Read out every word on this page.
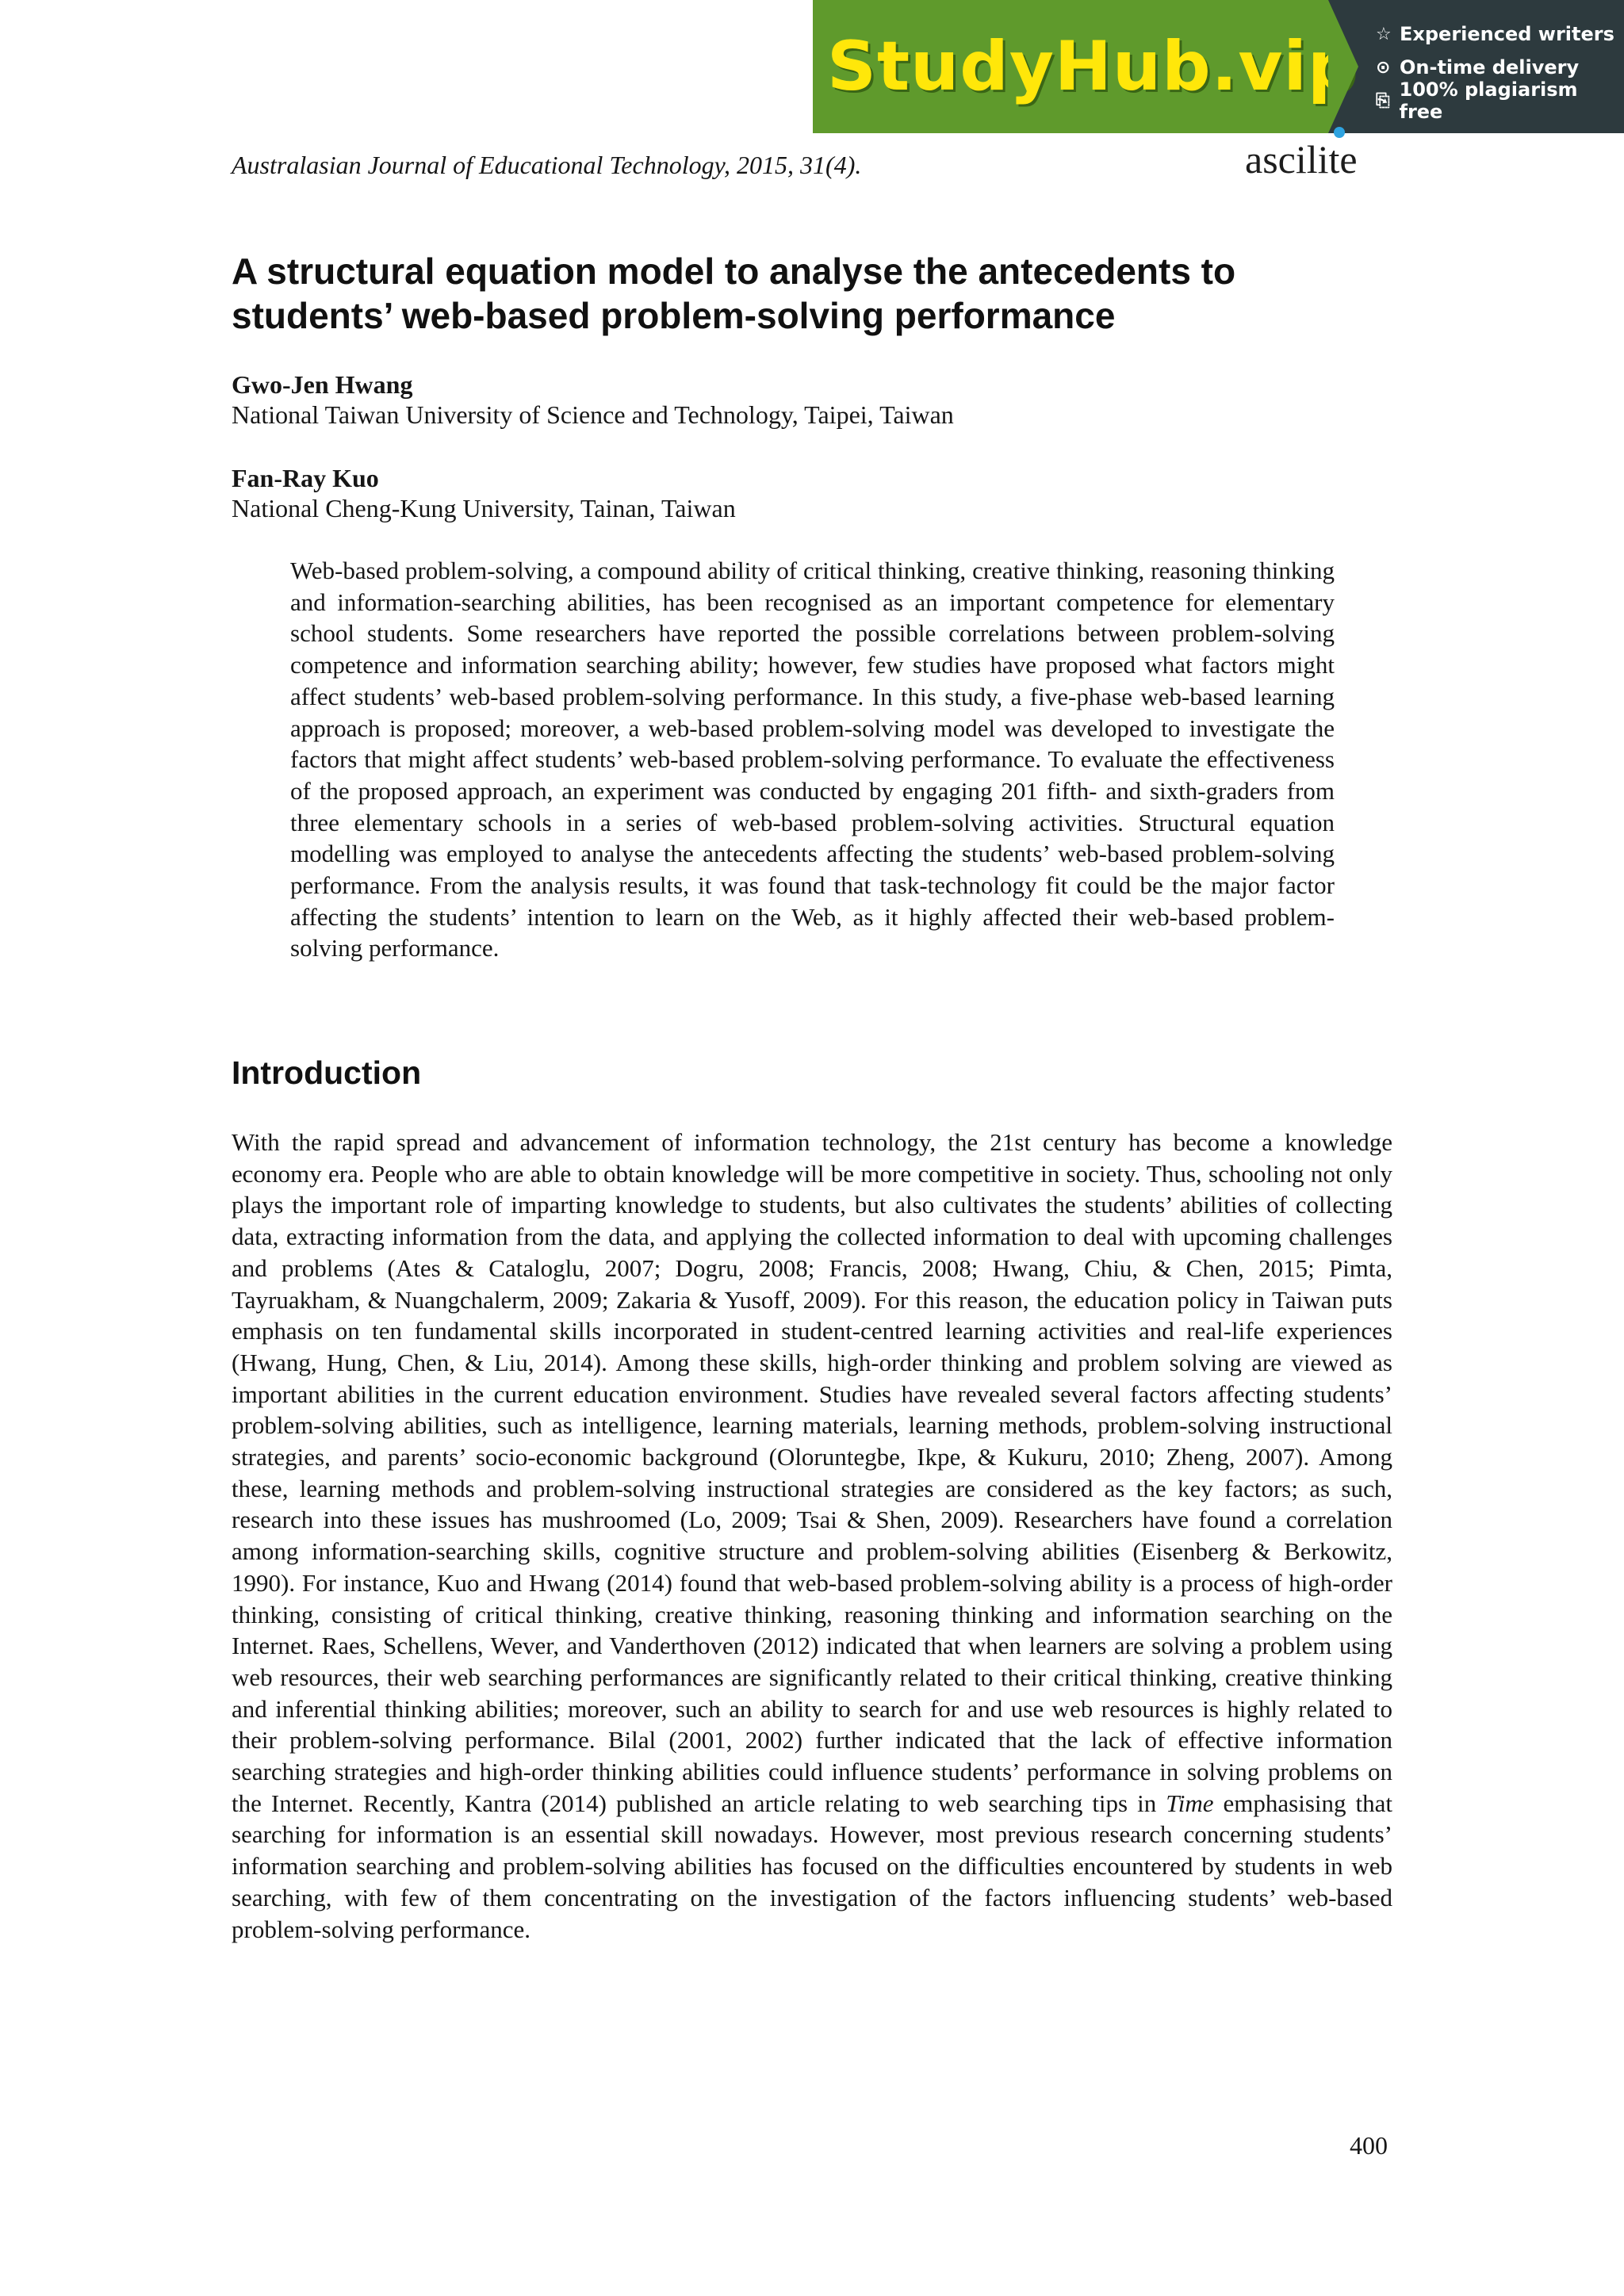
StudyHub.vip ☆ Experienced writers
⊙ On-time delivery
⎘ 100% plagiarism free
ascilite
Australasian Journal of Educational Technology, 2015, 31(4).
A structural equation model to analyse the antecedents to
students’ web-based problem-solving performance
Gwo-Jen Hwang
National Taiwan University of Science and Technology, Taipei, Taiwan
Fan-Ray Kuo
National Cheng-Kung University, Tainan, Taiwan

Web-based problem-solving, a compound ability of critical thinking, creative thinking, reasoning thinking and information-searching abilities, has been recognised as an important competence for elementary school students. Some researchers have reported the possible correlations between problem-solving competence and information searching ability; however, few studies have proposed what factors might affect students’ web-based problem-solving performance. In this study, a five-phase web-based learning approach is proposed; moreover, a web-based problem-solving model was developed to investigate the factors that might affect students’ web-based problem-solving performance. To evaluate the effectiveness of the proposed approach, an experiment was conducted by engaging 201 fifth- and sixth-graders from three elementary schools in a series of web-based problem-solving activities. Structural equation modelling was employed to analyse the antecedents affecting the students’ web-based problem-solving performance. From the analysis results, it was found that task-technology fit could be the major factor affecting the students’ intention to learn on the Web, as it highly affected their web-based problem-solving performance.

Introduction

With the rapid spread and advancement of information technology, the 21st century has become a knowledge economy era. People who are able to obtain knowledge will be more competitive in society. Thus, schooling not only plays the important role of imparting knowledge to students, but also cultivates the students’ abilities of collecting data, extracting information from the data, and applying the collected information to deal with upcoming challenges and problems (Ates & Cataloglu, 2007; Dogru, 2008; Francis, 2008; Hwang, Chiu, & Chen, 2015; Pimta, Tayruakham, & Nuangchalerm, 2009; Zakaria & Yusoff, 2009). For this reason, the education policy in Taiwan puts emphasis on ten fundamental skills incorporated in student-centred learning activities and real-life experiences (Hwang, Hung, Chen, & Liu, 2014). Among these skills, high-order thinking and problem solving are viewed as important abilities in the current education environment. Studies have revealed several factors affecting students’ problem-solving abilities, such as intelligence, learning materials, learning methods, problem-solving instructional strategies, and parents’ socio-economic background (Oloruntegbe, Ikpe, & Kukuru, 2010; Zheng, 2007). Among these, learning methods and problem-solving instructional strategies are considered as the key factors; as such, research into these issues has mushroomed (Lo, 2009; Tsai & Shen, 2009). Researchers have found a correlation among information-searching skills, cognitive structure and problem-solving abilities (Eisenberg & Berkowitz, 1990). For instance, Kuo and Hwang (2014) found that web-based problem-solving ability is a process of high-order thinking, consisting of critical thinking, creative thinking, reasoning thinking and information searching on the Internet. Raes, Schellens, Wever, and Vanderthoven (2012) indicated that when learners are solving a problem using web resources, their web searching performances are significantly related to their critical thinking, creative thinking and inferential thinking abilities; moreover, such an ability to search for and use web resources is highly related to their problem-solving performance. Bilal (2001, 2002) further indicated that the lack of effective information searching strategies and high-order thinking abilities could influence students’ performance in solving problems on the Internet. Recently, Kantra (2014) published an article relating to web searching tips in Time emphasising that searching for information is an essential skill nowadays. However, most previous research concerning students’ information searching and problem-solving abilities has focused on the difficulties encountered by students in web searching, with few of them concentrating on the investigation of the factors influencing students’ web-based problem-solving performance.

400
